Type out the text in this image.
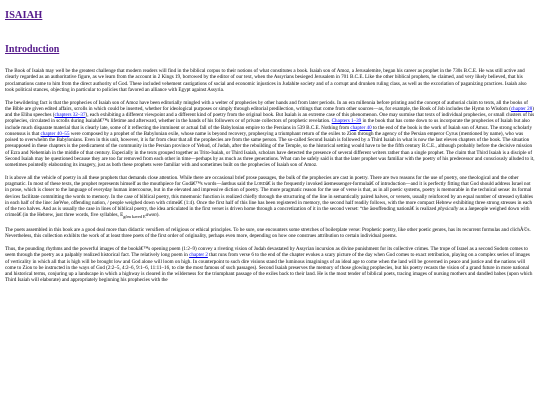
ISAIAH
Introduction

The Book of Isaiah may well be the greatest challenge that modern readers will find in the biblical corpus to their notions of what constitutes a book. Isaiah son of Amoz, a Jerusalemite, began his career as prophet in the 730s B.C.E. He was still active and clearly regarded as an authoritative figure, as we learn from the account in 2 Kings 19, borrowed by the editor of our text, when the Assyrians besieged Jerusalem in 701 B.C.E. Like the other biblical prophets, he claimed, and very likely believed, that his proclamations came to him from the direct authority of God. These included vehement castigations of social and economic injustices in Judahite society and of a corrupt and drunken ruling class, as well as the excoriation of paganizing practices. Isaiah also took political stances, objecting in particular to policies that favored an alliance with Egypt against Assyria.

The bewildering fact is that the prophecies of Isaiah son of Amoz have been editorially mingled with a welter of prophecies by other hands and from later periods. In an era millennia before printing and the concept of authorial claim to texts, all the books of the Bible are given edited affairs, scrolls in which could be inserted, whether for ideological purposes or simply through editorial predilection, writings that come from other sources—as, for example, the Book of Job includes the Hymn to Wisdom (chapter 28) and the Elihu speeches (chapters 32–37), each exhibiting a different viewpoint and a different kind of poetry from the original book. But Isaiah is an extreme case of this phenomenon. One may surmise that texts of individual prophecies, or small clusters of his prophecies, circulated in scrolls during Isaiahâ€™s lifetime and afterward, whether in the hands of his followers or of private collectors of prophetic revelation. Chapters 1–39 in the book that has come down to us incorporate the prophecies of Isaiah but also include much disparate material that is clearly late, some of it reflecting the imminent or actual fall of the Babylonian empire to the Persians in 539 B.C.E. Nothing from chapter 40 to the end of the book is the work of Isaiah son of Amoz. The strong scholarly consensus is that chapter 40–55 were composed by a prophet of the Babylonian exile, whose name is beyond recovery, prophesying a triumphant return of the exiles to Zion through the agency of the Persian emperor Cyrus (mentioned by name), who was poised to overwhelm the Babylonians. Even in this unit, however, it is far from clear that all the prophecies are from the same person. The so-called Second Isaiah is followed by a Third Isaiah in what is now the last eleven chapters of the book. The situation presupposed in these chapters is the predicament of the community in the Persian province of Yehud, of Judah, after the rebuilding of the Temple, so the historical setting would have to be the fifth century B.C.E., although probably before the decisive mission of Ezra and Nehemiah in the middle of that century. Especially in the texts grouped together as Trito-Isaiah, or Third Isaiah, scholars have detected the presence of several different writers rather than a single prophet. The claim that Third Isaiah is a disciple of Second Isaiah may be questioned because they are too far removed from each other in time—perhaps by as much as three generations. What can be safely said is that the later prophet was familiar with the poetry of his predecessor and consciously alluded to it, sometimes pointedly elaborating its imagery, just as both these prophets were familiar with and sometimes built on the prophecies of Isaiah son of Amoz.

It is above all the vehicle of poetry in all these prophets that demands close attention. While there are occasional brief prose passages, the bulk of the prophecies are cast in poetry. There are two reasons for the use of poetry, one theological and the other pragmatic. In most of these texts, the prophet represents himself as the mouthpiece for Godâ€™s words—âœthus said the Lordâ€ is the frequently invoked âœmessenger-formulaâ€ of introduction—and it is perfectly fitting that God should address Israel not in prose, which is closer to the language of everyday human intercourse, but in the elevated and impressive diction of poetry. The more pragmatic reason for the use of verse is that, as in all poetic systems, poetry is memorable in the technical sense: its formal devices facilitate committing the words to memory. In the case of biblical poetry, this mnemonic function is realized chiefly through the structuring of the line in semantically paired halves, or versets, usually reinforced by an equal number of stressed syllables in each half of the line: âœWoe, offending nation, / people weighed down with crimeâ€ (1:4). Once the first half of this line has been registered in memory, the second half readily follows, with the more compact Hebrew exhibiting three strong stresses in each of the two halves. And as is usually the case in lines of biblical poetry, the idea articulated in the first verset is driven home through a concretization of it in the second verset: “the âœoffending nationâ€ is realized physically as a âœpeople weighed down with crimeâ€ (in the Hebrew, just three words, five syllables, $E_{gôm kəved E}awon$).

The poets assembled in this book are a good deal more than didactic versifiers of religious or ethical principles. To be sure, one encounters some stretches of boilerplate verse: Prophetic poetry, like other poetic genres, has its recurrent formulas and clichÃ©s. Nevertheless, this collection exhibits the work of at least three poets of the first order of originality, perhaps even more, depending on how one construes attribution to certain individual poems.

Thus, the pounding rhythms and the powerful images of the bookâ€™s opening poem (1:2–9) convey a riveting vision of Judah devastated by Assyrian incursion as divine punishment for its collective crimes. The trope of Israel as a second Sodom comes to seem through the poetry as a palpably realized historical fact. The relatively long poem in chapter 2 that runs from verse 6 to the end of the chapter evokes a scary picture of the day when God comes to exact retribution, playing on a complex series of images of verticality in which all that is high will be brought low and God alone will loom on high. In counterpoint to such dire visions stand the luminous imaginings of an ideal age to come when the land will be governed in peace and justice and the nations will come to Zion to be instructed in the ways of God (2:2–5, 4:2–6, 9:1–6, 11:11–16, to cite the most famous of such passages). Second Isaiah preserves the memory of those glowing prophecies, but his poetry recasts the vision of a grand future in more national and historical terms, conjuring up a landscape in which a highway is cleared in the wilderness for the triumphant passage of the exiles back to their land. He is the most tender of biblical poets, tracing images of nursing mothers and dandled babes (upon which Third Isaiah will elaborate) and appropriately beginning his prophecies with the
